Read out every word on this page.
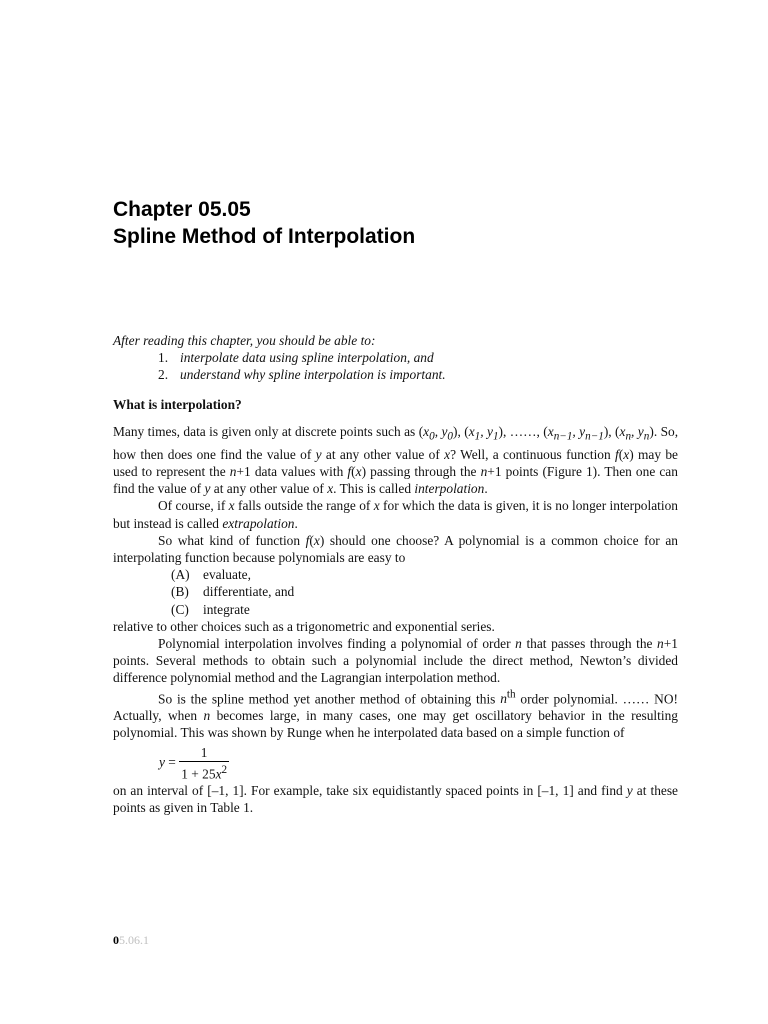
Chapter 05.05
Spline Method of Interpolation
After reading this chapter, you should be able to:
1. interpolate data using spline interpolation, and
2. understand why spline interpolation is important.
What is interpolation?

Many times, data is given only at discrete points such as ($x_0$, $y_0$), ($x_1$, $y_1$), ……, ($x_{n-1}$, $y_{n-1}$), ($x_n$, $y_n$). So, how then does one find the value of y at any other value of x? Well, a continuous function f(x) may be used to represent the n+1 data values with f(x) passing through the n+1 points (Figure 1). Then one can find the value of y at any other value of x. This is called interpolation.

Of course, if x falls outside the range of x for which the data is given, it is no longer interpolation but instead is called extrapolation.

So what kind of function f(x) should one choose? A polynomial is a common choice for an interpolating function because polynomials are easy to

(A) evaluate,
(B) differentiate, and
(C) integrate

relative to other choices such as a trigonometric and exponential series.

Polynomial interpolation involves finding a polynomial of order n that passes through the n+1 points. Several methods to obtain such a polynomial include the direct method, Newton’s divided difference polynomial method and the Lagrangian interpolation method.

So is the spline method yet another method of obtaining this $n^{th}$ order polynomial. …… NO! Actually, when n becomes large, in many cases, one may get oscillatory behavior in the resulting polynomial. This was shown by Runge when he interpolated data based on a simple function of

$y = \frac{1}{1 + 25x^2}$

on an interval of [–1, 1]. For example, take six equidistantly spaced points in [–1, 1] and find y at these points as given in Table 1.

05.06.1
